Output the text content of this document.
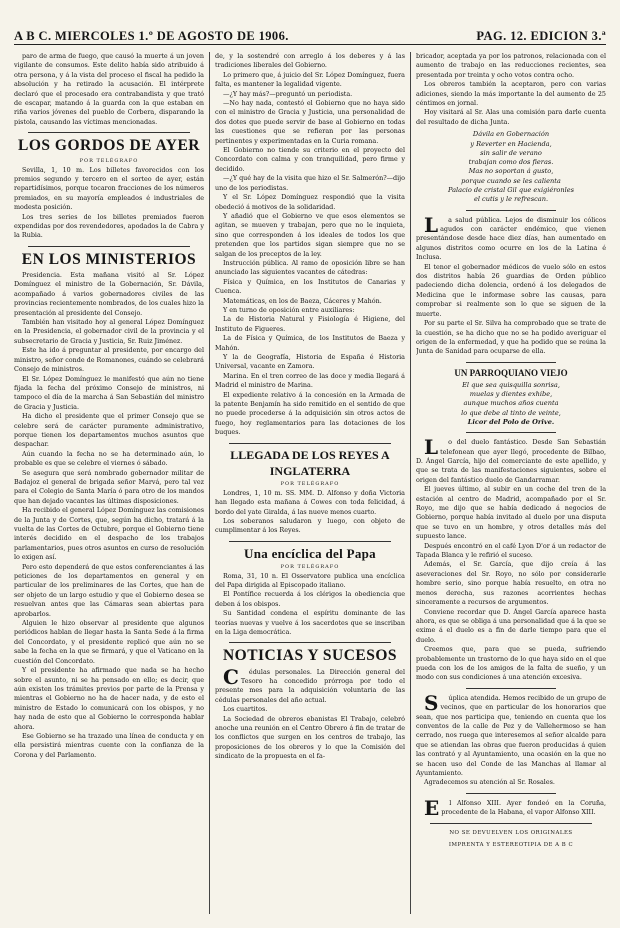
A B C. MIERCOLES 1.º DE AGOSTO DE 1906.	PAG. 12. EDICION 3.ª

paro de arma de fuego, que causó la muerte á un joven vigilante de consumos. Este delito había sido atribuido á otra persona, y á la vista del proceso el fiscal ha pedido la absolución y ha retirado la acusación. El intérprete declaró que el procesado era contrabandista y que trató de escapar, matando á la guarda con la que estaban en riña varios jóvenes del pueblo de Corbera, disparando la pistola, causando las víctimas mencionadas.

LOS GORDOS DE AYER
POR TELÉGRAFO

Sevilla, 1, 10 m. Los billetes favorecidos con los premios segundo y tercero en el sorteo de ayer, están repartidísimos, porque tocaron fracciones de los números premiados, en su mayoría empleados é industriales de modesta posición.

Los tres series de los billetes premiados fueron expendidas por dos revendedores, apodados la de Cabra y la Rubia.

EN LOS MINISTERIOS

Presidencia. Esta mañana visitó al Sr. López Domínguez el ministro de la Gobernación, Sr. Dávila, acompañado á varios gobernadores civiles de las provincias recientemente nombrados, de los cuales hizo la presentación al presidente del Consejo.

También han visitado hoy al general López Domínguez en la Presidencia, el gobernador civil de la provincia y el subsecretario de Gracia y Justicia, Sr. Ruiz Jiménez.

Este ha ido á preguntar al presidente, por encargo del ministro, señor conde de Romanones, cuándo se celebrará Consejo de ministros.

El Sr. López Domínguez le manifestó que aún no tiene fijada la fecha del próximo Consejo de ministros, ni tampoco el día de la marcha á San Sebastián del ministro de Gracia y Justicia.

Ha dicho el presidente que el primer Consejo que se celebre será de carácter puramente administrativo, porque tienen los departamentos muchos asuntos que despachar.

Aún cuando la fecha no se ha determinado aún, lo probable es que se celebre el viernes ó sábado.

Se asegura que será nombrado gobernador militar de Badajoz el general de brigada señor Marvá, pero tal vez para el Colegio de Santa María ó para otro de los mandos que han dejado vacantes las últimas disposiciones.

Ha recibido el general López Domínguez las comisiones de la Junta y de Cortes, que, según ha dicho, tratará á la vuelta de las Cortes de Octubre, porque el Gobierno tiene interés decidido en el despacho de los trabajos parlamentarios, pues otros asuntos en curso de resolución lo exigen así.

Pero esto dependerá de que estos conferenciantes á las peticiones de los departamentos en general y en particular de los preliminares de las Cortes, que han de ser objeto de un largo estudio y que el Gobierno desea se resuelvan antes que las Cámaras sean abiertas para aprobarlos.

Alguien le hizo observar al presidente que algunos periódicos hablan de llegar hasta la Santa Sede á la firma del Concordato, y el presidente replicó que aún no se sabe la fecha en la que se firmará, y que el Vaticano en la cuestión del Concordato.

Y el presidente ha afirmado que nada se ha hecho sobre el asunto, ni se ha pensado en ello; es decir, que aún existen los trámites previos por parte de la Prensa y mientras el Gobierno no ha de hacer nada, y de esto el ministro de Estado lo comunicará con los obispos, y no hay nada de esto que al Gobierno le corresponda hablar ahora.

Ese Gobierno se ha trazado una línea de conducta y en ella persistirá mientras cuente con la confianza de la Corona y del Parlamento.

de, y la sostendré con arreglo á los deberes y á las tradiciones liberales del Gobierno.

Lo primero que, á juicio del Sr. López Domínguez, fuera falta, es mantener la legalidad vigente.

—¿Y hay más?—preguntó un periodista.

—No hay nada, contestó el Gobierno que no haya sido con el ministro de Gracia y Justicia, una personalidad de dos dotes que puede servir de base al Gobierno en todas las cuestiones que se refieran por las personas pertinentes y experimentadas en la Curia romana.

El Gobierno no tiende su criterio en el proyecto del Concordato con calma y con tranquilidad, pero firme y decidido.

—¿Y qué hay de la visita que hizo el Sr. Salmerón?—dijo uno de los periodistas.

Y el Sr. López Domínguez respondió que la visita obedeció á motivos de la solidaridad.

Y añadió que el Gobierno ve que esos elementos se agitan, se mueven y trabajan, pero que no le inquieta, sino que corresponden á los ideales de todos los que pretenden que los partidos sigan siempre que no se salgan de los preceptos de la ley.

Instrucción pública. Al ramo de oposición libre se han anunciado las siguientes vacantes de cátedras:

Física y Química, en los Institutos de Canarias y Cuenca.

Matemáticas, en los de Baeza, Cáceres y Mahón.

Y en turno de oposición entre auxiliares:

La de Historia Natural y Fisiología é Higiene, del Instituto de Figueres.

La de Física y Química, de los Institutos de Baeza y Mahón.

Y la de Geografía, Historia de España é Historia Universal, vacante en Zamora.

Marina. En el tren correo de las doce y media llegará á Madrid el ministro de Marina.

El expediente relativo á la concesión en la Armada de la patente Benjamín ha sido remitido en el sentido de que no puede procederse á la adquisición sin otros actos de fuego, hoy reglamentarios para las dotaciones de los buques.

LLEGADA DE LOS REYES A
INGLATERRA
POR TELÉGRAFO

Londres, 1, 10 m. SS. MM. D. Alfonso y doña Victoria han llegado esta mañana á Cowes con toda felicidad, á bordo del yate Giralda, á las nueve menos cuarto.

Los soberanos saludaron y luego, con objeto de cumplimentar á los Reyes.

Una encíclica del Papa
POR TELÉGRAFO

Roma, 31, 10 n. El Osservatore publica una encíclica del Papa dirigida al Episcopado italiano.

El Pontífice recuerda á los clérigos la obediencia que deben á los obispos.

Su Santidad condena el espíritu dominante de las teorías nuevas y vuelve á los sacerdotes que se inscriban en la Liga democrática.

NOTICIAS Y SUCESOS

Cédulas personales. La Dirección general del Tesoro ha concedido prórroga por todo el presente mes para la adquisición voluntaria de las cédulas personales del año actual.

Los cuartitos.

La Sociedad de obreros ebanistas El Trabajo, celebró anoche una reunión en el Centro Obrero á fin de tratar de los conflictos que surgen en los centros de trabajo, las proposiciones de los obreros y lo que la Comisión del sindicato de la propuesta en el fa-

bricador, aceptada ya por los patronos, relacionada con el aumento de trabajo en las reducciones recientes, sea presentada por treinta y ocho votos contra ocho.

Los obreros también la aceptaron, pero con varias adiciones, siendo la más importante la del aumento de 25 céntimos en jornal.

Hoy visitará al Sr. Alas una comisión para darle cuenta del resultado de dicha Junta.

Dávila en Gobernación
y Reverter en Hacienda,
sin salir de verano
trabajan como dos fieras.
Mas no soportan á gusto,
porque cuando se les calienta
Palacio de cristal Gil que exigiéronles
el cutis y le refrescan.

La salud pública. Lejos de disminuir los cólicos agudos con carácter endémico, que vienen presentándose desde hace diez días, han aumentado en algunos distritos como ocurre en los de la Latina é Inclusa.

El tenor el gobernador médicos de vuelo sólo en estos dos distritos había 26 guardias de Orden público padeciendo dicha dolencia, ordenó á los delegados de Medicina que le informase sobre las causas, para comprobar si realmente son lo que se siguen de la muerte.

Por su parte el Sr. Silva ha comprobado que se trate de la cuestión, se ha dicho que no se ha podido averiguar el origen de la enfermedad, y que ha podido que se reúna la Junta de Sanidad para ocuparse de ella.

UN PARROQUIANO VIEJO
El que sea quisquilla sonrisa,
muelas y dientes exhibe,
aunque muchos años cuenta
lo que debe al tinto de veinte,
Licor del Polo de Orive.

Lo del duelo fantástico. Desde San Sebastián telefonean que ayer llegó, procedente de Bilbao, D. Ángel García, hijo del comerciante de este apellido, y que se trata de las manifestaciones siguientes, sobre el origen del fantástico duelo de Gandarramar.

El jueves último, al subir en un coche del tren de la estación al centro de Madrid, acompañado por el Sr. Royo, me dijo que se había dedicado á negocios de Gobierno, porque había invitado al duelo por una disputa que se tuvo en un hombre, y otros detalles más del supuesto lance.

Después encontró en el café Lyon D'or á un redactor de Tapada Blanca y le refirió el suceso.

Además, el Sr. García, que dijo creía á las aseveraciones del Sr. Royo, no sólo por considerarle hombre serio, sino porque había resuelto, en otra no menos derecha, sus razones acorrientes hechas sinceramente a recursos de argumentos.

Conviene recordar que D. Ángel García aparece hasta ahora, es que se obliga á una personalidad que á la que se exime á el duelo es a fin de darle tiempo para que el duelo.

Creemos que, para que se pueda, sufriendo probablemente un trastorno de lo que haya sido en el que pueda con los de los amigos de la falta de sueño, y un modo con sus condiciones á una atención excesiva.

Súplica atendida. Hemos recibido de un grupo de vecinos, que en particular de los honorarios que sean, que nos participa que, teniendo en cuenta que los conventos de la calle de Pez y de Vallehermoso se han cerrado, nos ruega que interesemos al señor alcalde para que se atiendan las obras que fueron producidas á quien las contrató y al Ayuntamiento, una ocasión en la que no se hacen uso del Conde de las Manchas al llamar al Ayuntamiento.

Agradecemos su atención al Sr. Rosales.

El Alfonso XIII. Ayer fondeó en la Coruña, procedente de la Habana, el vapor Alfonso XIII.

NO SE DEVUELVEN LOS ORIGINALES
IMPRENTA Y ESTEREOTIPIA DE A B C
